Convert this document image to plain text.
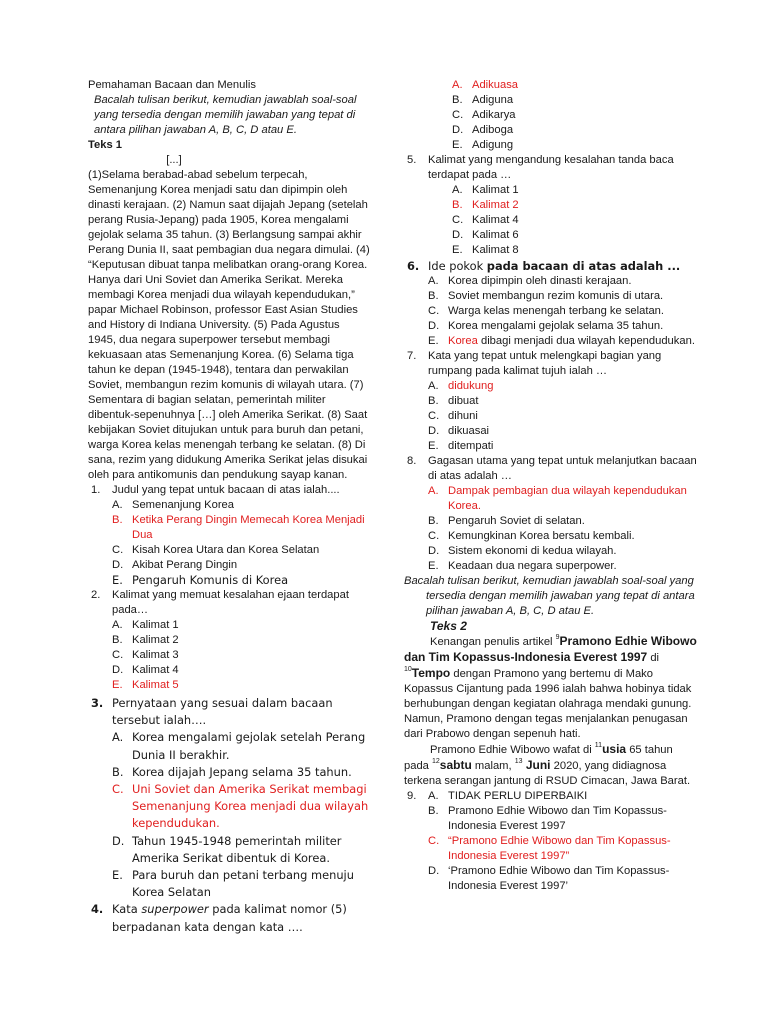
Pemahaman Bacaan dan Menulis

Bacalah tulisan berikut, kemudian jawablah soal-soal yang tersedia dengan memilih jawaban yang tepat di antara pilihan jawaban A, B, C, D atau E.

Teks 1

[...]

(1)Selama berabad-abad sebelum terpecah, Semenanjung Korea menjadi satu dan dipimpin oleh dinasti kerajaan. (2) Namun saat dijajah Jepang (setelah perang Rusia-Jepang) pada 1905, Korea mengalami gejolak selama 35 tahun. (3) Berlangsung sampai akhir Perang Dunia II, saat pembagian dua negara dimulai. (4) “Keputusan dibuat tanpa melibatkan orang-orang Korea. Hanya dari Uni Soviet dan Amerika Serikat. Mereka membagi Korea menjadi dua wilayah kependudukan,” papar Michael Robinson, professor East Asian Studies and History di Indiana University. (5) Pada Agustus 1945, dua negara superpower tersebut membagi kekuasaan atas Semenanjung Korea. (6) Selama tiga tahun ke depan (1945-1948), tentara dan perwakilan Soviet, membangun rezim komunis di wilayah utara. (7) Sementara di bagian selatan, pemerintah militer dibentuk-sepenuhnya […] oleh Amerika Serikat. (8) Saat kebijakan Soviet ditujukan untuk para buruh dan petani, warga Korea kelas menengah terbang ke selatan. (8) Di sana, rezim yang didukung Amerika Serikat jelas disukai oleh para antikomunis dan pendukung sayap kanan.

1. Judul yang tepat untuk bacaan di atas ialah....
A. Semenanjung Korea
B. Ketika Perang Dingin Memecah Korea Menjadi Dua
C. Kisah Korea Utara dan Korea Selatan
D. Akibat Perang Dingin
E. Pengaruh Komunis di Korea
2. Kalimat yang memuat kesalahan ejaan terdapat pada…
A. Kalimat 1
B. Kalimat 2
C. Kalimat 3
D. Kalimat 4
E. Kalimat 5
3. Pernyataan yang sesuai dalam bacaan tersebut ialah….
A. Korea mengalami gejolak setelah Perang Dunia II berakhir.
B. Korea dijajah Jepang selama 35 tahun.
C. Uni Soviet dan Amerika Serikat membagi Semenanjung Korea menjadi dua wilayah kependudukan.
D. Tahun 1945-1948 pemerintah militer Amerika Serikat dibentuk di Korea.
E. Para buruh dan petani terbang menuju Korea Selatan
4. Kata superpower pada kalimat nomor (5) berpadanan kata dengan kata ….
A. Adikuasa
B. Adiguna
C. Adikarya
D. Adiboga
E. Adigung
5. Kalimat yang mengandung kesalahan tanda baca terdapat pada …
A. Kalimat 1
B. Kalimat 2
C. Kalimat 4
D. Kalimat 6
E. Kalimat 8
6. Ide pokok pada bacaan di atas adalah ...
A. Korea dipimpin oleh dinasti kerajaan.
B. Soviet membangun rezim komunis di utara.
C. Warga kelas menengah terbang ke selatan.
D. Korea mengalami gejolak selama 35 tahun.
E. Korea dibagi menjadi dua wilayah kependudukan.
7. Kata yang tepat untuk melengkapi bagian yang rumpang pada kalimat tujuh ialah …
A. didukung
B. dibuat
C. dihuni
D. dikuasai
E. ditempati
8. Gagasan utama yang tepat untuk melanjutkan bacaan di atas adalah …
A. Dampak pembagian dua wilayah kependudukan Korea.
B. Pengaruh Soviet di selatan.
C. Kemungkinan Korea bersatu kembali.
D. Sistem ekonomi di kedua wilayah.
E. Keadaan dua negara superpower.

Bacalah tulisan berikut, kemudian jawablah soal-soal yang tersedia dengan memilih jawaban yang tepat di antara pilihan jawaban A, B, C, D atau E.

Teks 2

Kenangan penulis artikel $^9$Pramono Edhie Wibowo dan Tim Kopassus-Indonesia Everest 1997 di $^{10}$Tempo dengan Pramono yang bertemu di Mako Kopassus Cijantung pada 1996 ialah bahwa hobinya tidak berhubungan dengan kegiatan olahraga mendaki gunung. Namun, Pramono dengan tegas menjalankan penugasan dari Prabowo dengan sepenuh hati.

Pramono Edhie Wibowo wafat di $^{11}$usia 65 tahun pada $^{12}$sabtu malam, $^{13}$ Juni 2020, yang didiagnosa terkena serangan jantung di RSUD Cimacan, Jawa Barat.

9. A. TIDAK PERLU DIPERBAIKI
B. Pramono Edhie Wibowo dan Tim Kopassus-Indonesia Everest 1997
C. “Pramono Edhie Wibowo dan Tim Kopassus-Indonesia Everest 1997”
D. ‘Pramono Edhie Wibowo dan Tim Kopassus-Indonesia Everest 1997’
